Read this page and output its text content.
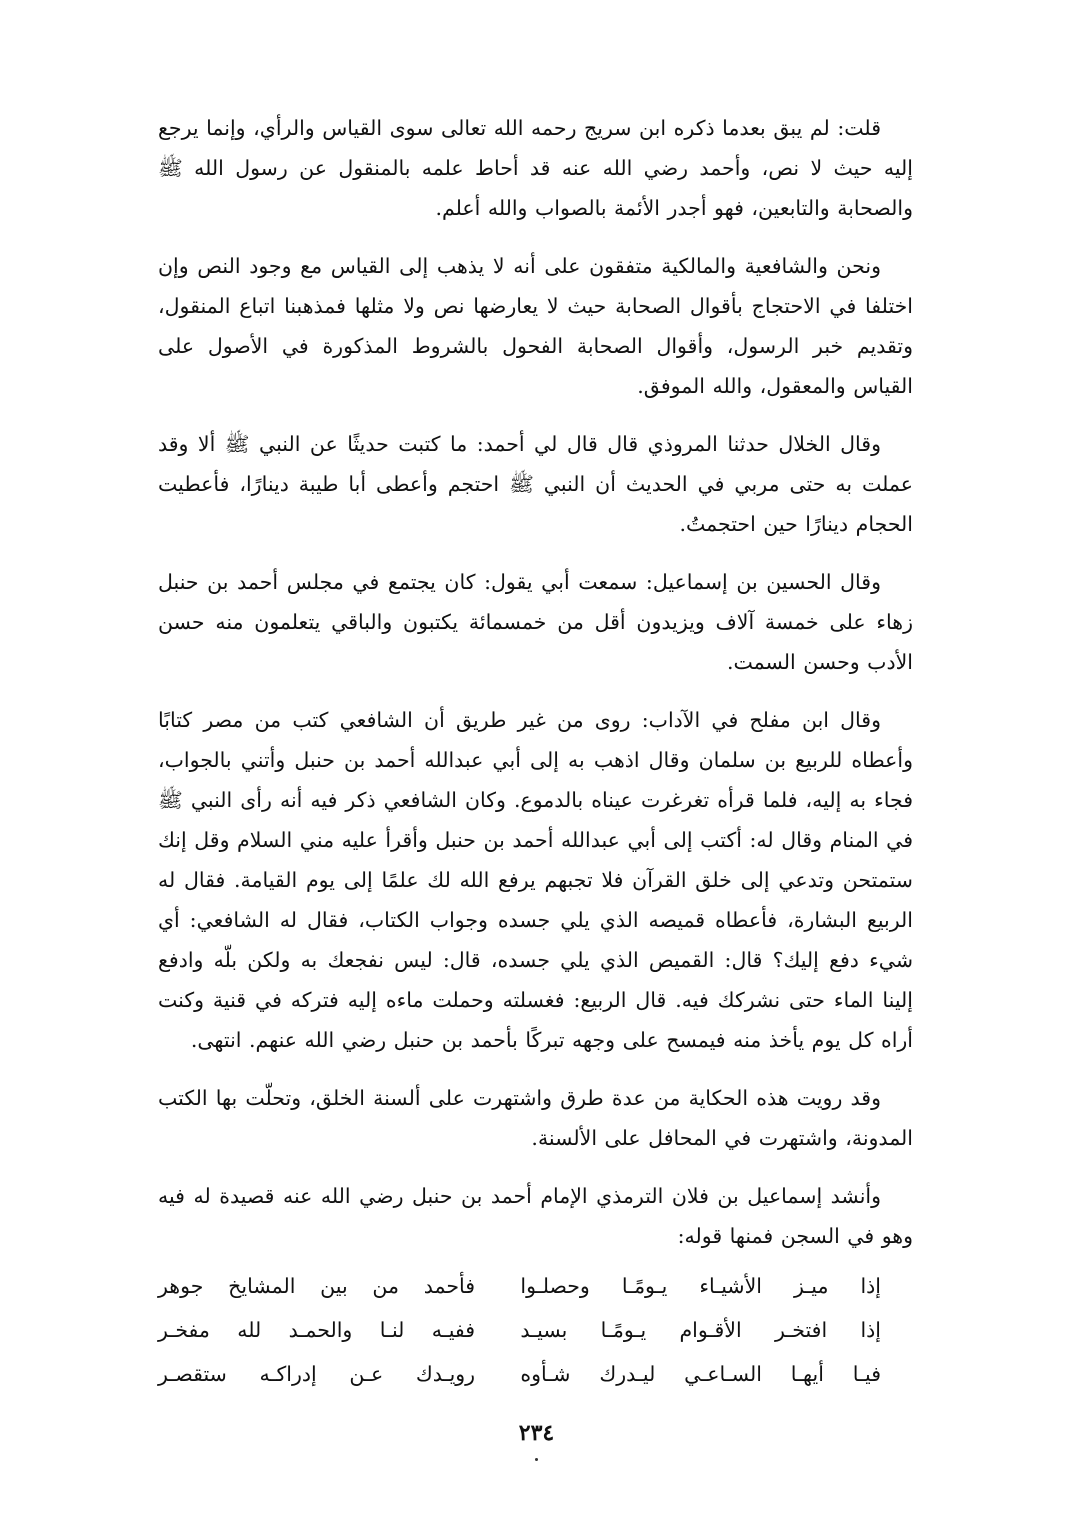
قلت: لم يبق بعدما ذكره ابن سريج رحمه الله تعالى سوى القياس والرأي، وإنما يرجع إليه حيث لا نص، وأحمد رضي الله عنه قد أحاط علمه بالمنقول عن رسول الله ﷺ والصحابة والتابعين، فهو أجدر الأئمة بالصواب والله أعلم.

ونحن والشافعية والمالكية متفقون على أنه لا يذهب إلى القياس مع وجود النص وإن اختلفا في الاحتجاج بأقوال الصحابة حيث لا يعارضها نص ولا مثلها فمذهبنا اتباع المنقول، وتقديم خبر الرسول، وأقوال الصحابة الفحول بالشروط المذكورة في الأصول على القياس والمعقول، والله الموفق.

وقال الخلال حدثنا المروذي قال قال لي أحمد: ما كتبت حديثًا عن النبي ﷺ ألا وقد عملت به حتى مربي في الحديث أن النبي ﷺ احتجم وأعطى أبا طيبة دينارًا، فأعطيت الحجام دينارًا حين احتجمتُ.

وقال الحسين بن إسماعيل: سمعت أبي يقول: كان يجتمع في مجلس أحمد بن حنبل زهاء على خمسة آلاف ويزيدون أقل من خمسمائة يكتبون والباقي يتعلمون منه حسن الأدب وحسن السمت.

وقال ابن مفلح في الآداب: روى من غير طريق أن الشافعي كتب من مصر كتابًا وأعطاه للربيع بن سلمان وقال اذهب به إلى أبي عبدالله أحمد بن حنبل وأتني بالجواب، فجاء به إليه، فلما قرأه تغرغرت عيناه بالدموع. وكان الشافعي ذكر فيه أنه رأى النبي ﷺ في المنام وقال له: أكتب إلى أبي عبدالله أحمد بن حنبل وأقرأ عليه مني السلام وقل إنك ستمتحن وتدعي إلى خلق القرآن فلا تجبهم يرفع الله لك علمًا إلى يوم القيامة. فقال له الربيع البشارة، فأعطاه قميصه الذي يلي جسده وجواب الكتاب، فقال له الشافعي: أي شيء دفع إليك؟ قال: القميص الذي يلي جسده، قال: ليس نفجعك به ولكن بلّه وادفع إلينا الماء حتى نشركك فيه. قال الربيع: فغسلته وحملت ماءه إليه فتركه في قنية وكنت أراه كل يوم يأخذ منه فيمسح على وجهه تبركًا بأحمد بن حنبل رضي الله عنهم. انتهى.

وقد رويت هذه الحكاية من عدة طرق واشتهرت على ألسنة الخلق، وتحلّت بها الكتب المدونة، واشتهرت في المحافل على الألسنة.

وأنشد إسماعيل بن فلان الترمذي الإمام أحمد بن حنبل رضي الله عنه قصيدة له فيه وهو في السجن فمنها قوله:

إذا ميـز الأشيـاء يـومًـا وحصلـوا
فأحمد من بين المشايخ جوهر
إذا افتخـر الأقـوام يـومًـا بسيـد
ففيـه لنـا والحمـد لله مفخـر
فيـا أيهـا السـاعـي ليـدرك شـأوه
رويـدك عـن إدراكـه ستقصـر
٢٣٤
